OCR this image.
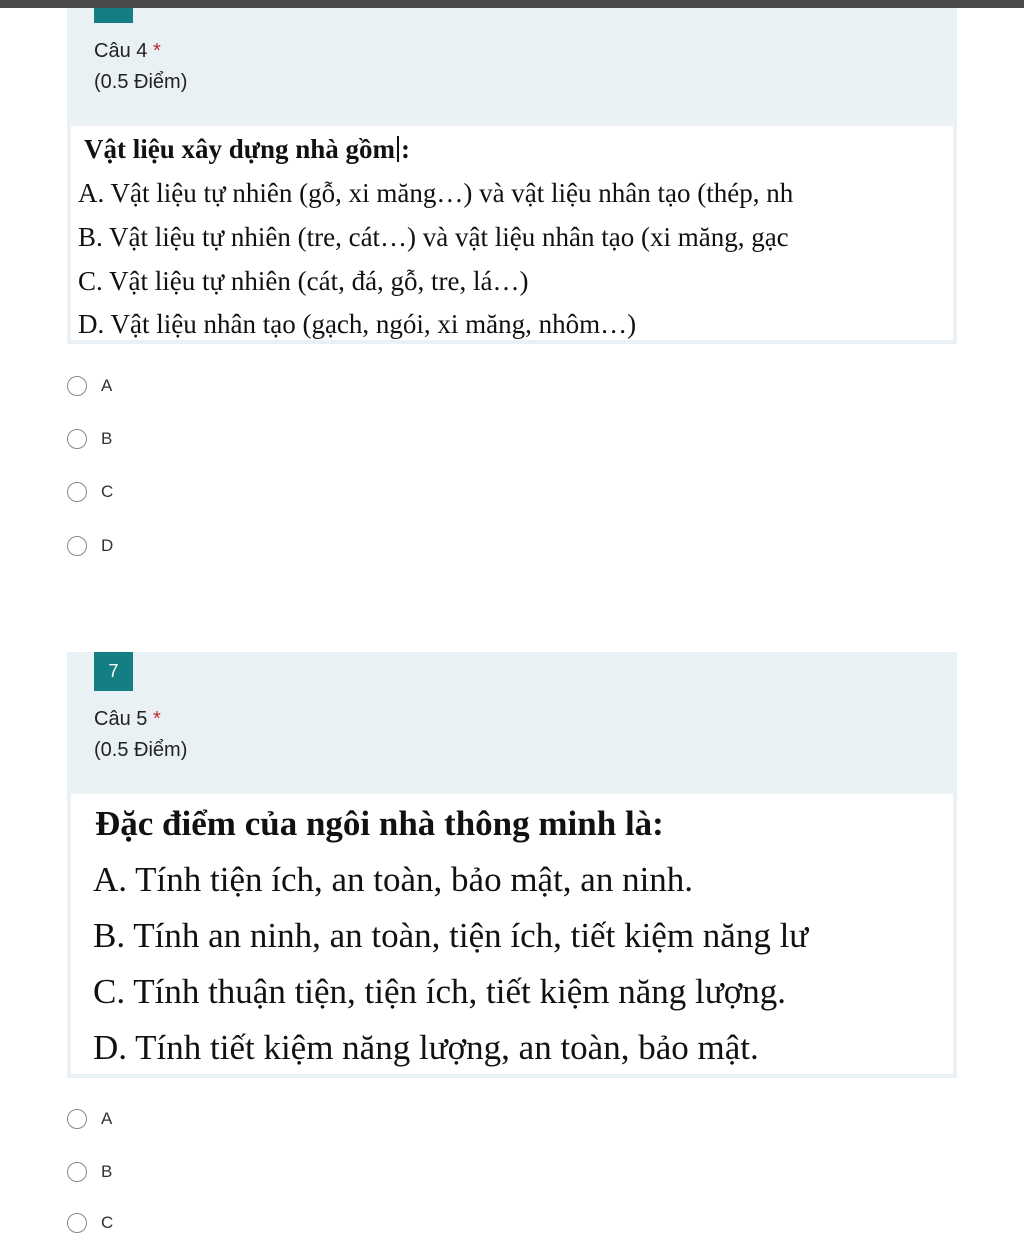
Câu 4 *
(0.5 Điểm)
Vật liệu xây dựng nhà gồm :
A. Vật liệu tự nhiên (gỗ, xi măng…) và vật liệu nhân tạo (thép, nh
B. Vật liệu tự nhiên (tre, cát…) và vật liệu nhân tạo (xi măng, gạc
C. Vật liệu tự nhiên (cát, đá, gỗ, tre, lá…)
D. Vật liệu nhân tạo (gạch, ngói, xi măng, nhôm…)
A
B
C
D
7
Câu 5 *
(0.5 Điểm)
Đặc điểm của ngôi nhà thông minh là:
A. Tính tiện ích, an toàn, bảo mật, an ninh.
B. Tính an ninh, an toàn, tiện ích, tiết kiệm năng lư
C. Tính thuận tiện, tiện ích, tiết kiệm năng lượng.
D. Tính tiết kiệm năng lượng, an toàn, bảo mật.
A
B
C
